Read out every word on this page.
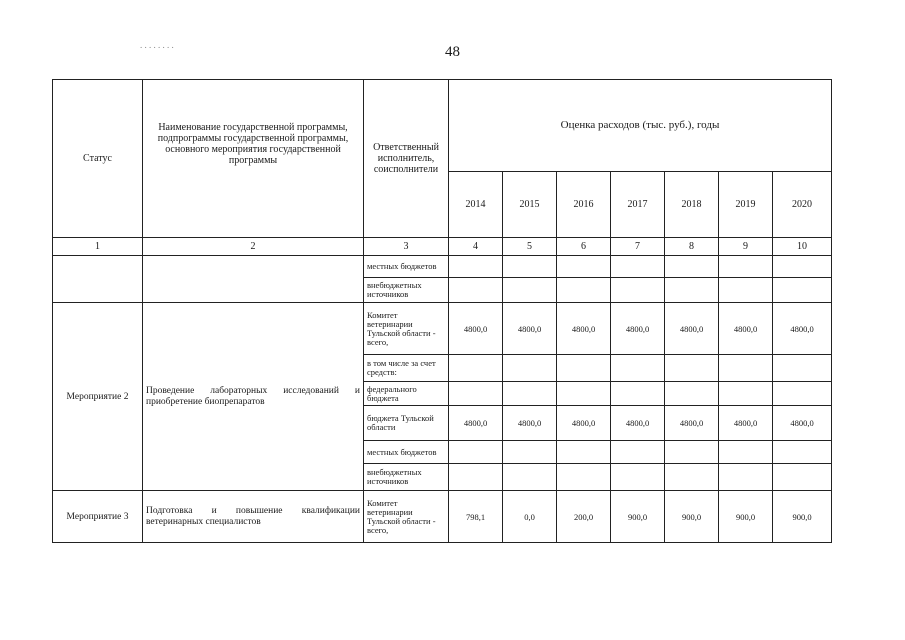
. . . . . . . .	48
Статус	Наименование государственной программы, подпрограммы государственной программы, основного мероприятия государственной программы	Ответственный исполнитель, соисполнители	Оценка расходов (тыс. руб.), годы						
			2014	2015	2016	2017	2018	2019	2020
1	2	3	4	5	6	7	8	9	10
		местных бюджетов							
		внебюджетных источников							
Мероприятие 2	Проведение лабораторных исследований и приобретение биопрепаратов	Комитет ветеринарии Тульской области - всего,	4800,0	4800,0	4800,0	4800,0	4800,0	4800,0	4800,0
		в том числе за счет средств:							
		федерального бюджета							
		бюджета Тульской области	4800,0	4800,0	4800,0	4800,0	4800,0	4800,0	4800,0
		местных бюджетов							
		внебюджетных источников							
Мероприятие 3	Подготовка и повышение квалификации ветеринарных специалистов	Комитет ветеринарии Тульской области - всего,	798,1	0,0	200,0	900,0	900,0	900,0	900,0
